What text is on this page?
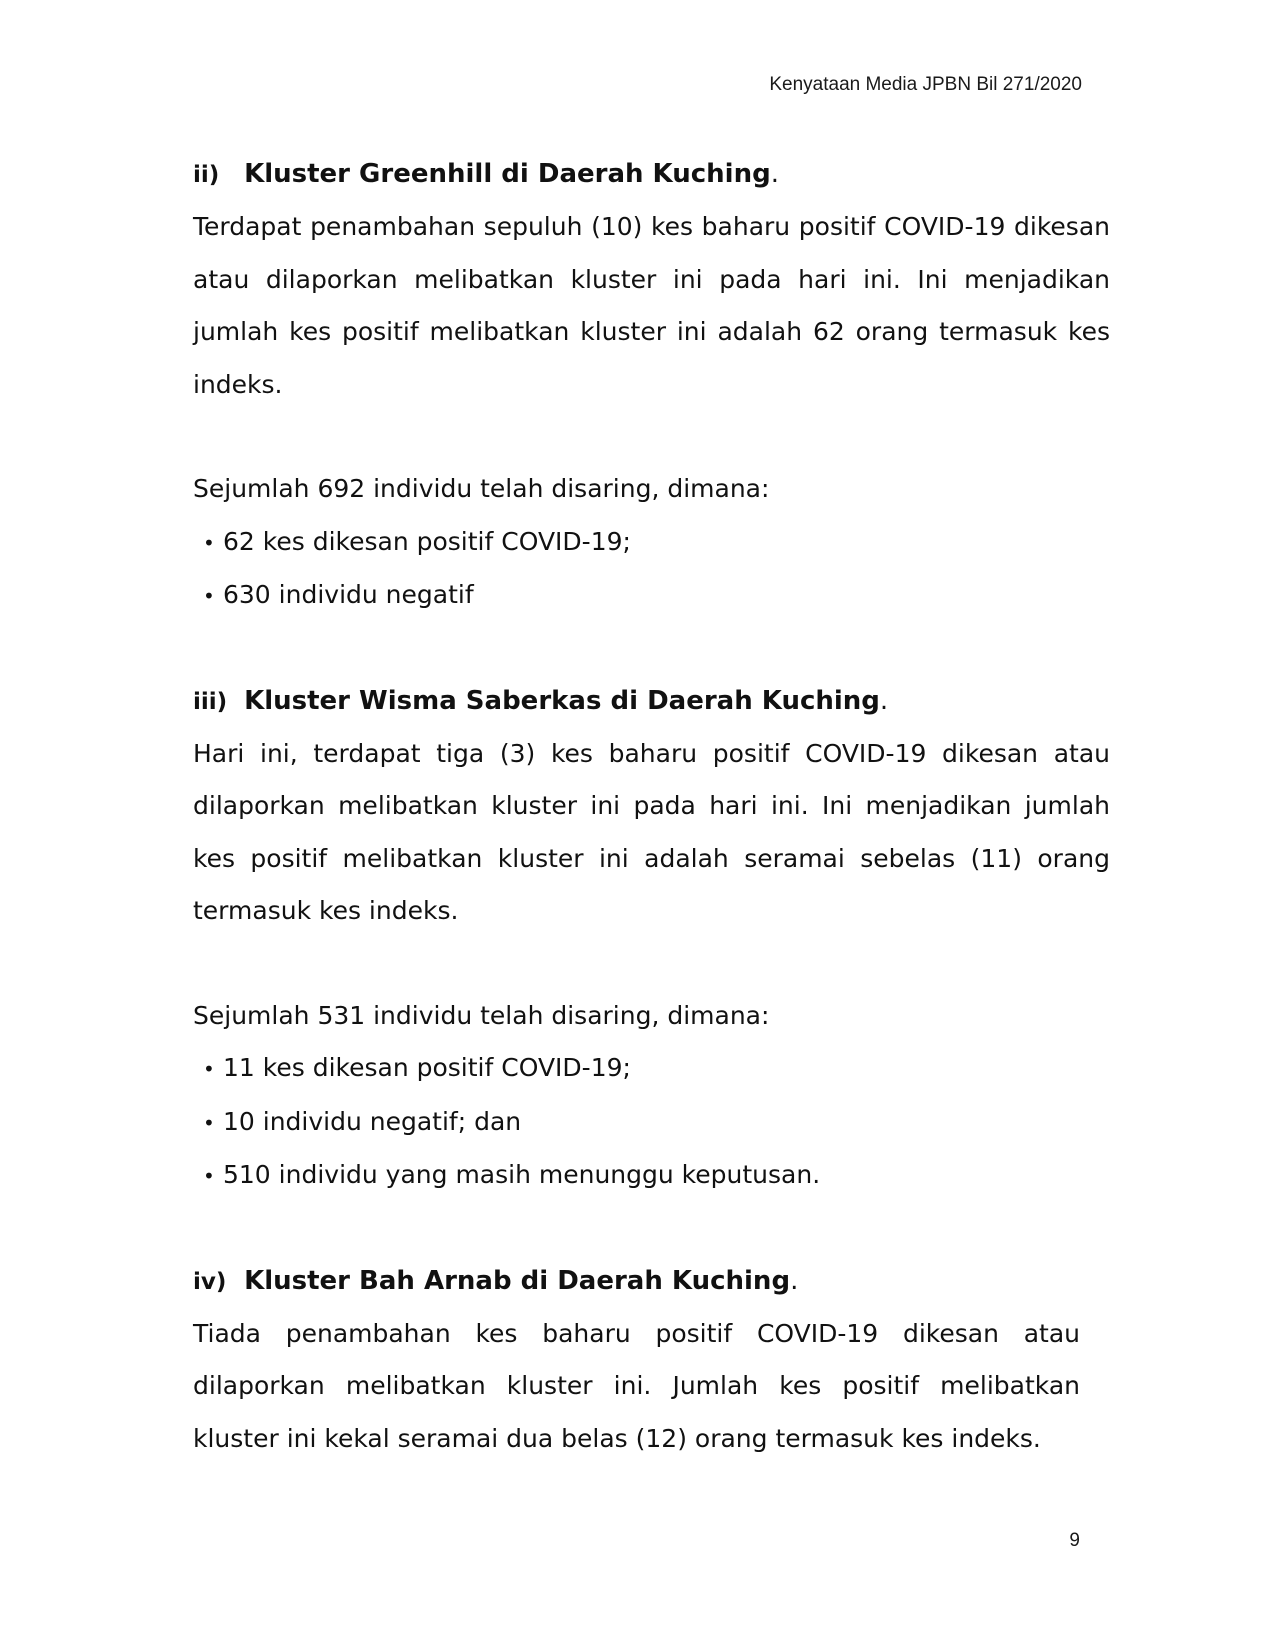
Kenyataan Media JPBN Bil 271/2020

ii) Kluster Greenhill di Daerah Kuching.

Terdapat penambahan sepuluh (10) kes baharu positif COVID-19 dikesan atau dilaporkan melibatkan kluster ini pada hari ini. Ini menjadikan jumlah kes positif melibatkan kluster ini adalah 62 orang termasuk kes indeks.

Sejumlah 692 individu telah disaring, dimana:

• 62 kes dikesan positif COVID-19;
• 630 individu negatif

iii) Kluster Wisma Saberkas di Daerah Kuching.

Hari ini, terdapat tiga (3) kes baharu positif COVID-19 dikesan atau dilaporkan melibatkan kluster ini pada hari ini. Ini menjadikan jumlah kes positif melibatkan kluster ini adalah seramai sebelas (11) orang termasuk kes indeks.

Sejumlah 531 individu telah disaring, dimana:

• 11 kes dikesan positif COVID-19;
• 10 individu negatif; dan
• 510 individu yang masih menunggu keputusan.

iv) Kluster Bah Arnab di Daerah Kuching.

Tiada penambahan kes baharu positif COVID-19 dikesan atau dilaporkan melibatkan kluster ini. Jumlah kes positif melibatkan kluster ini kekal seramai dua belas (12) orang termasuk kes indeks.

9
